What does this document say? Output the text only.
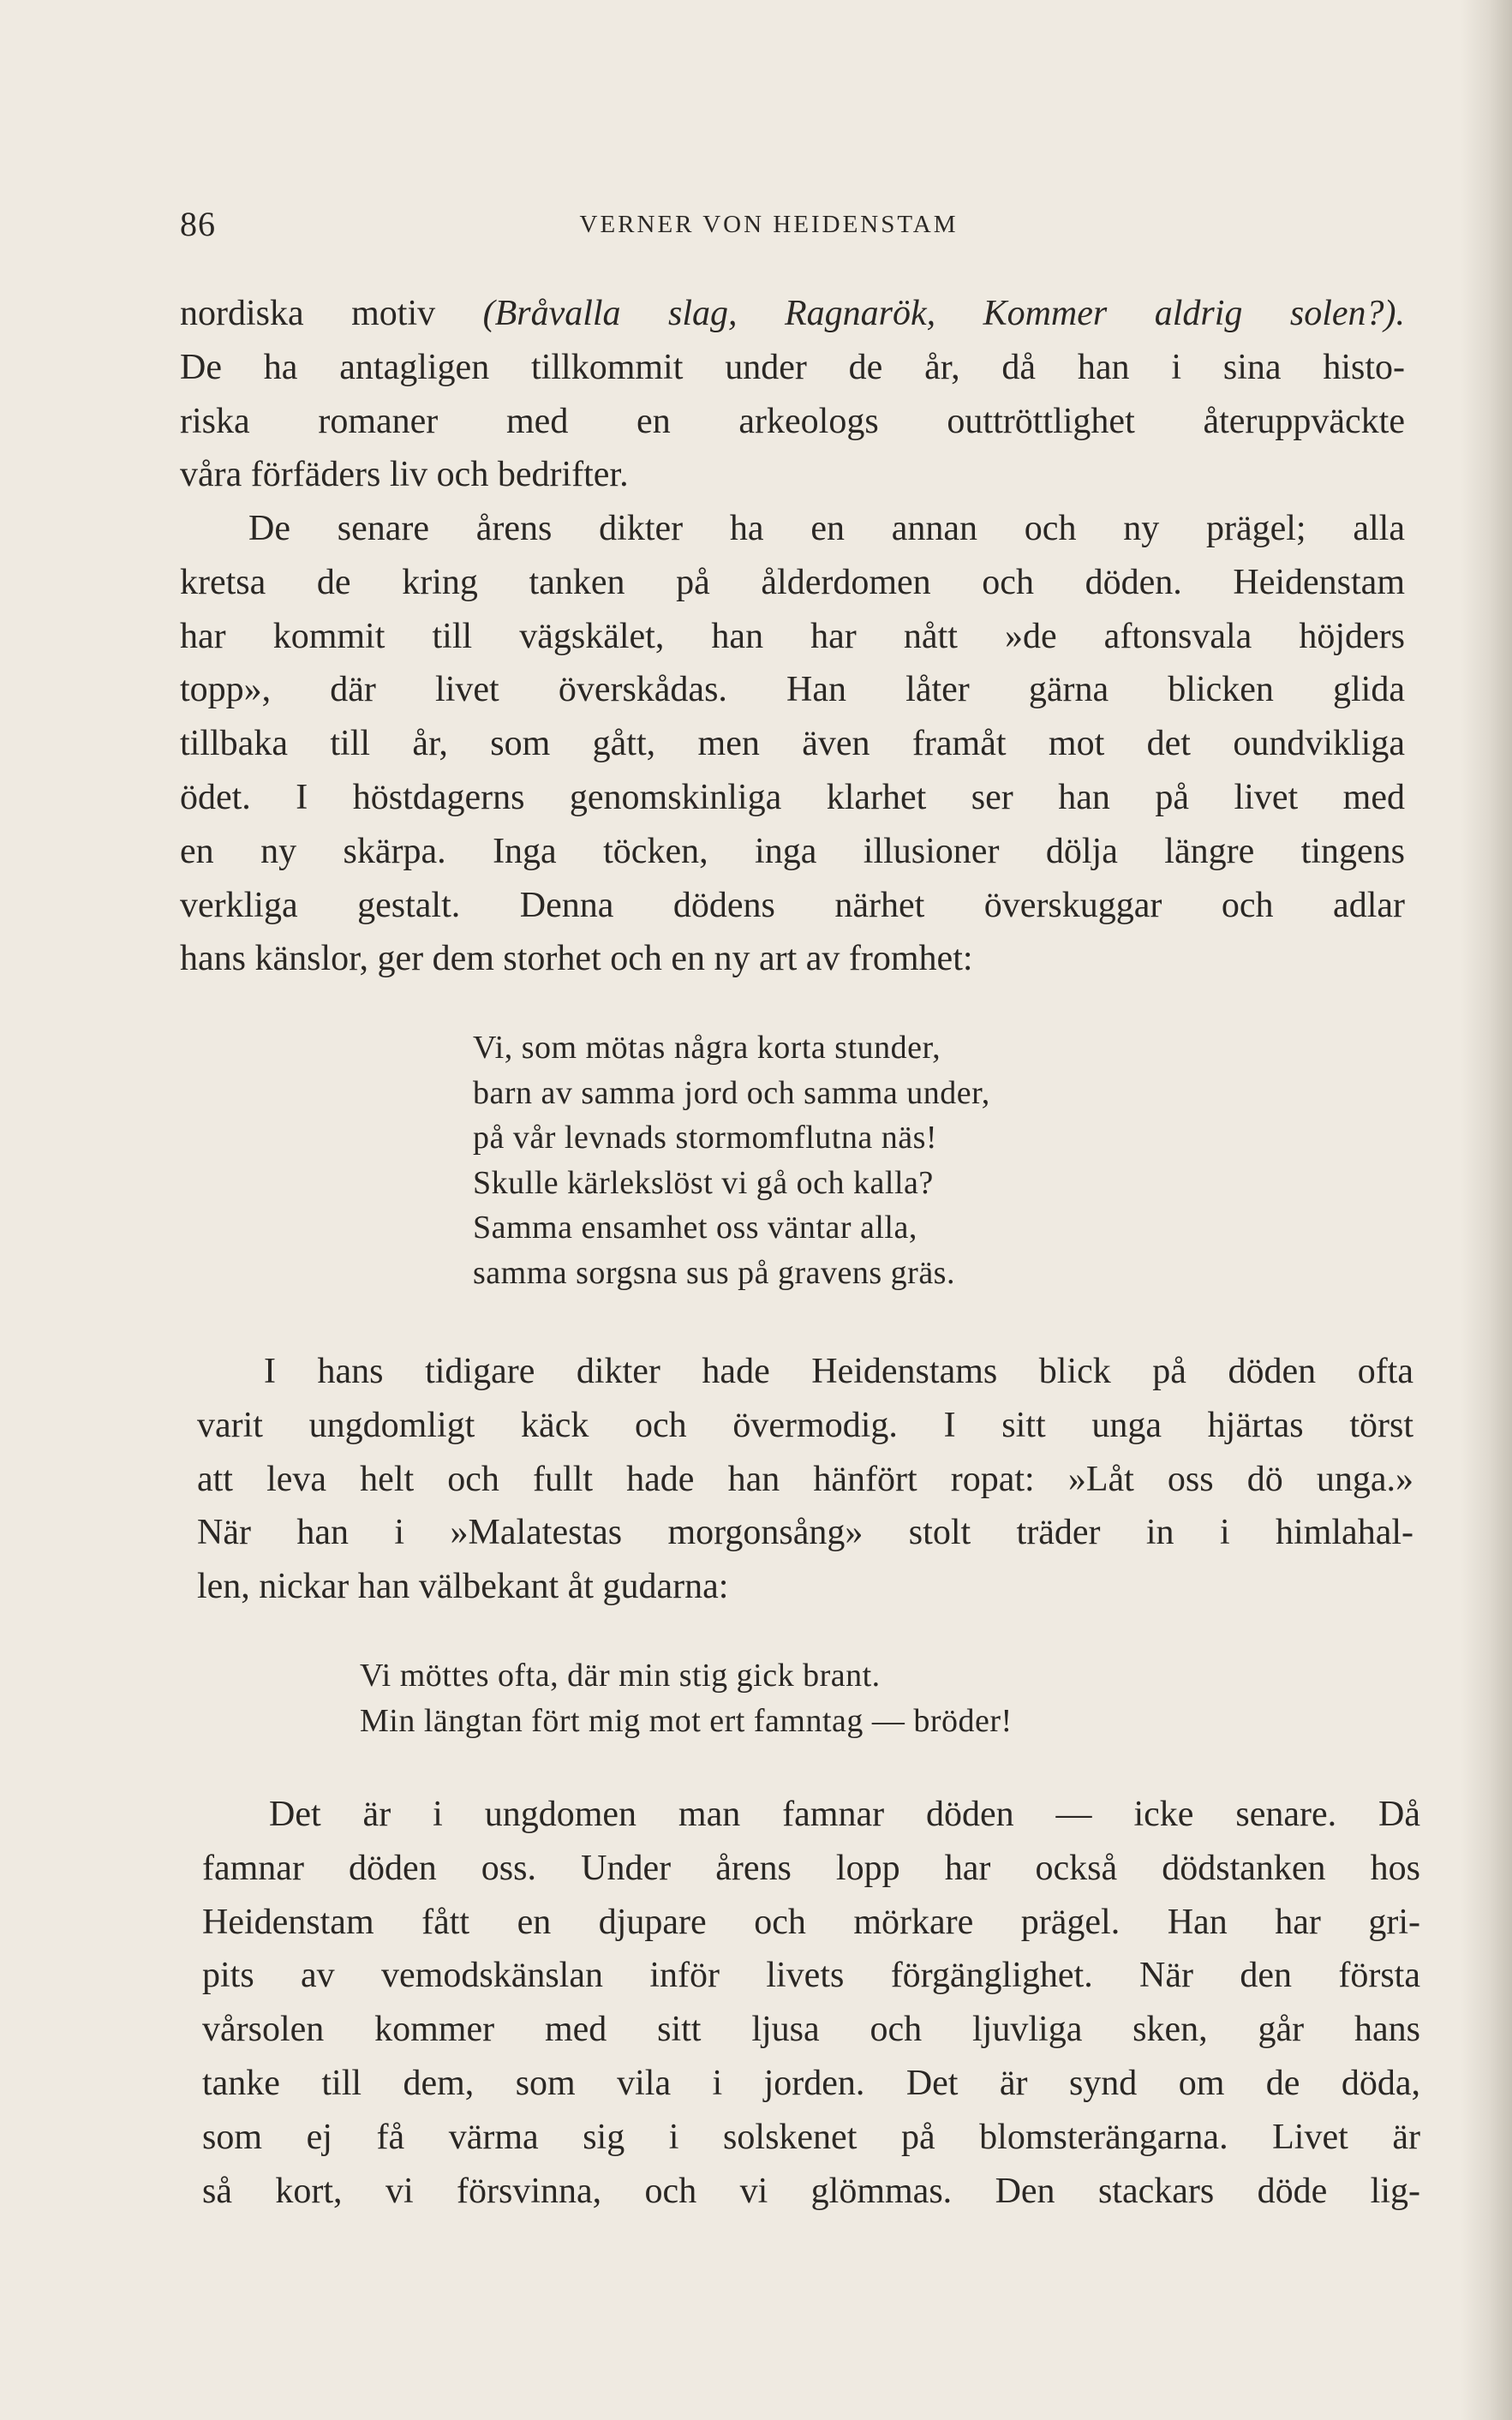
86	VERNER VON HEIDENSTAM
nordiska motiv (Bråvalla slag, Ragnarök, Kommer aldrig solen?).
De ha antagligen tillkommit under de år, då han i sina histo-
riska romaner med en arkeologs outtröttlighet återuppväckte
våra förfäders liv och bedrifter.
De senare årens dikter ha en annan och ny prägel; alla
kretsa de kring tanken på ålderdomen och döden. Heidenstam
har kommit till vägskälet, han har nått »de aftonsvala höjders
topp», där livet överskådas. Han låter gärna blicken glida
tillbaka till år, som gått, men även framåt mot det oundvikliga
ödet. I höstdagerns genomskinliga klarhet ser han på livet med
en ny skärpa. Inga töcken, inga illusioner dölja längre tingens
verkliga gestalt. Denna dödens närhet överskuggar och adlar
hans känslor, ger dem storhet och en ny art av fromhet:
Vi, som mötas några korta stunder,
barn av samma jord och samma under,
på vår levnads stormomflutna näs!
Skulle kärlekslöst vi gå och kalla?
Samma ensamhet oss väntar alla,
samma sorgsna sus på gravens gräs.
I hans tidigare dikter hade Heidenstams blick på döden ofta
varit ungdomligt käck och övermodig. I sitt unga hjärtas törst
att leva helt och fullt hade han hänfört ropat: »Låt oss dö unga.»
När han i »Malatestas morgonsång» stolt träder in i himlahal-
len, nickar han välbekant åt gudarna:
Vi möttes ofta, där min stig gick brant.
Min längtan fört mig mot ert famntag — bröder!
Det är i ungdomen man famnar döden — icke senare. Då
famnar döden oss. Under årens lopp har också dödstanken hos
Heidenstam fått en djupare och mörkare prägel. Han har gri-
pits av vemodskänslan inför livets förgänglighet. När den första
vårsolen kommer med sitt ljusa och ljuvliga sken, går hans
tanke till dem, som vila i jorden. Det är synd om de döda,
som ej få värma sig i solskenet på blomsterängarna. Livet är
så kort, vi försvinna, och vi glömmas. Den stackars döde lig-
